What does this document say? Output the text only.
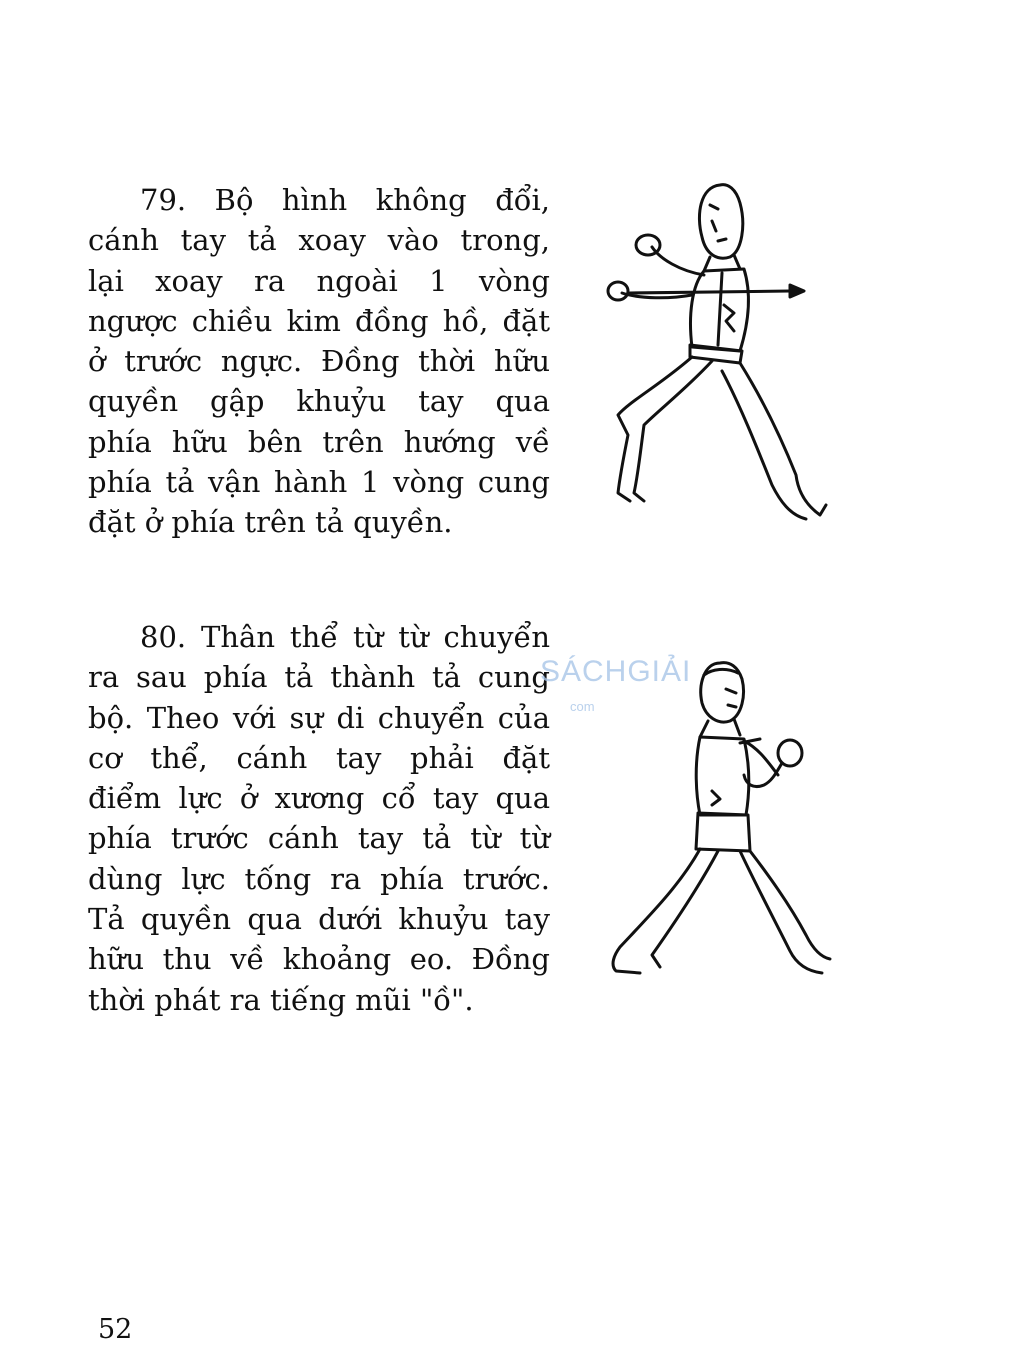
79. Bộ hình không đổi,
cánh tay tả xoay vào trong,
lại xoay ra ngoài 1 vòng
ngược chiều kim đồng hồ, đặt
ở trước ngực. Đồng thời hữu
quyền gập khuỷu tay qua
phía hữu bên trên hướng về
phía tả vận hành 1 vòng cung
đặt ở phía trên tả quyền.

80. Thân thể từ từ chuyển
ra sau phía tả thành tả cung
bộ. Theo với sự di chuyển của
cơ thể, cánh tay phải đặt
điểm lực ở xương cổ tay qua
phía trước cánh tay tả từ từ
dùng lực tống ra phía trước.
Tả quyền qua dưới khuỷu tay
hữu thu về khoảng eo. Đồng
thời phát ra tiếng mũi "ồ".

SÁCHGIẢI
com
52
